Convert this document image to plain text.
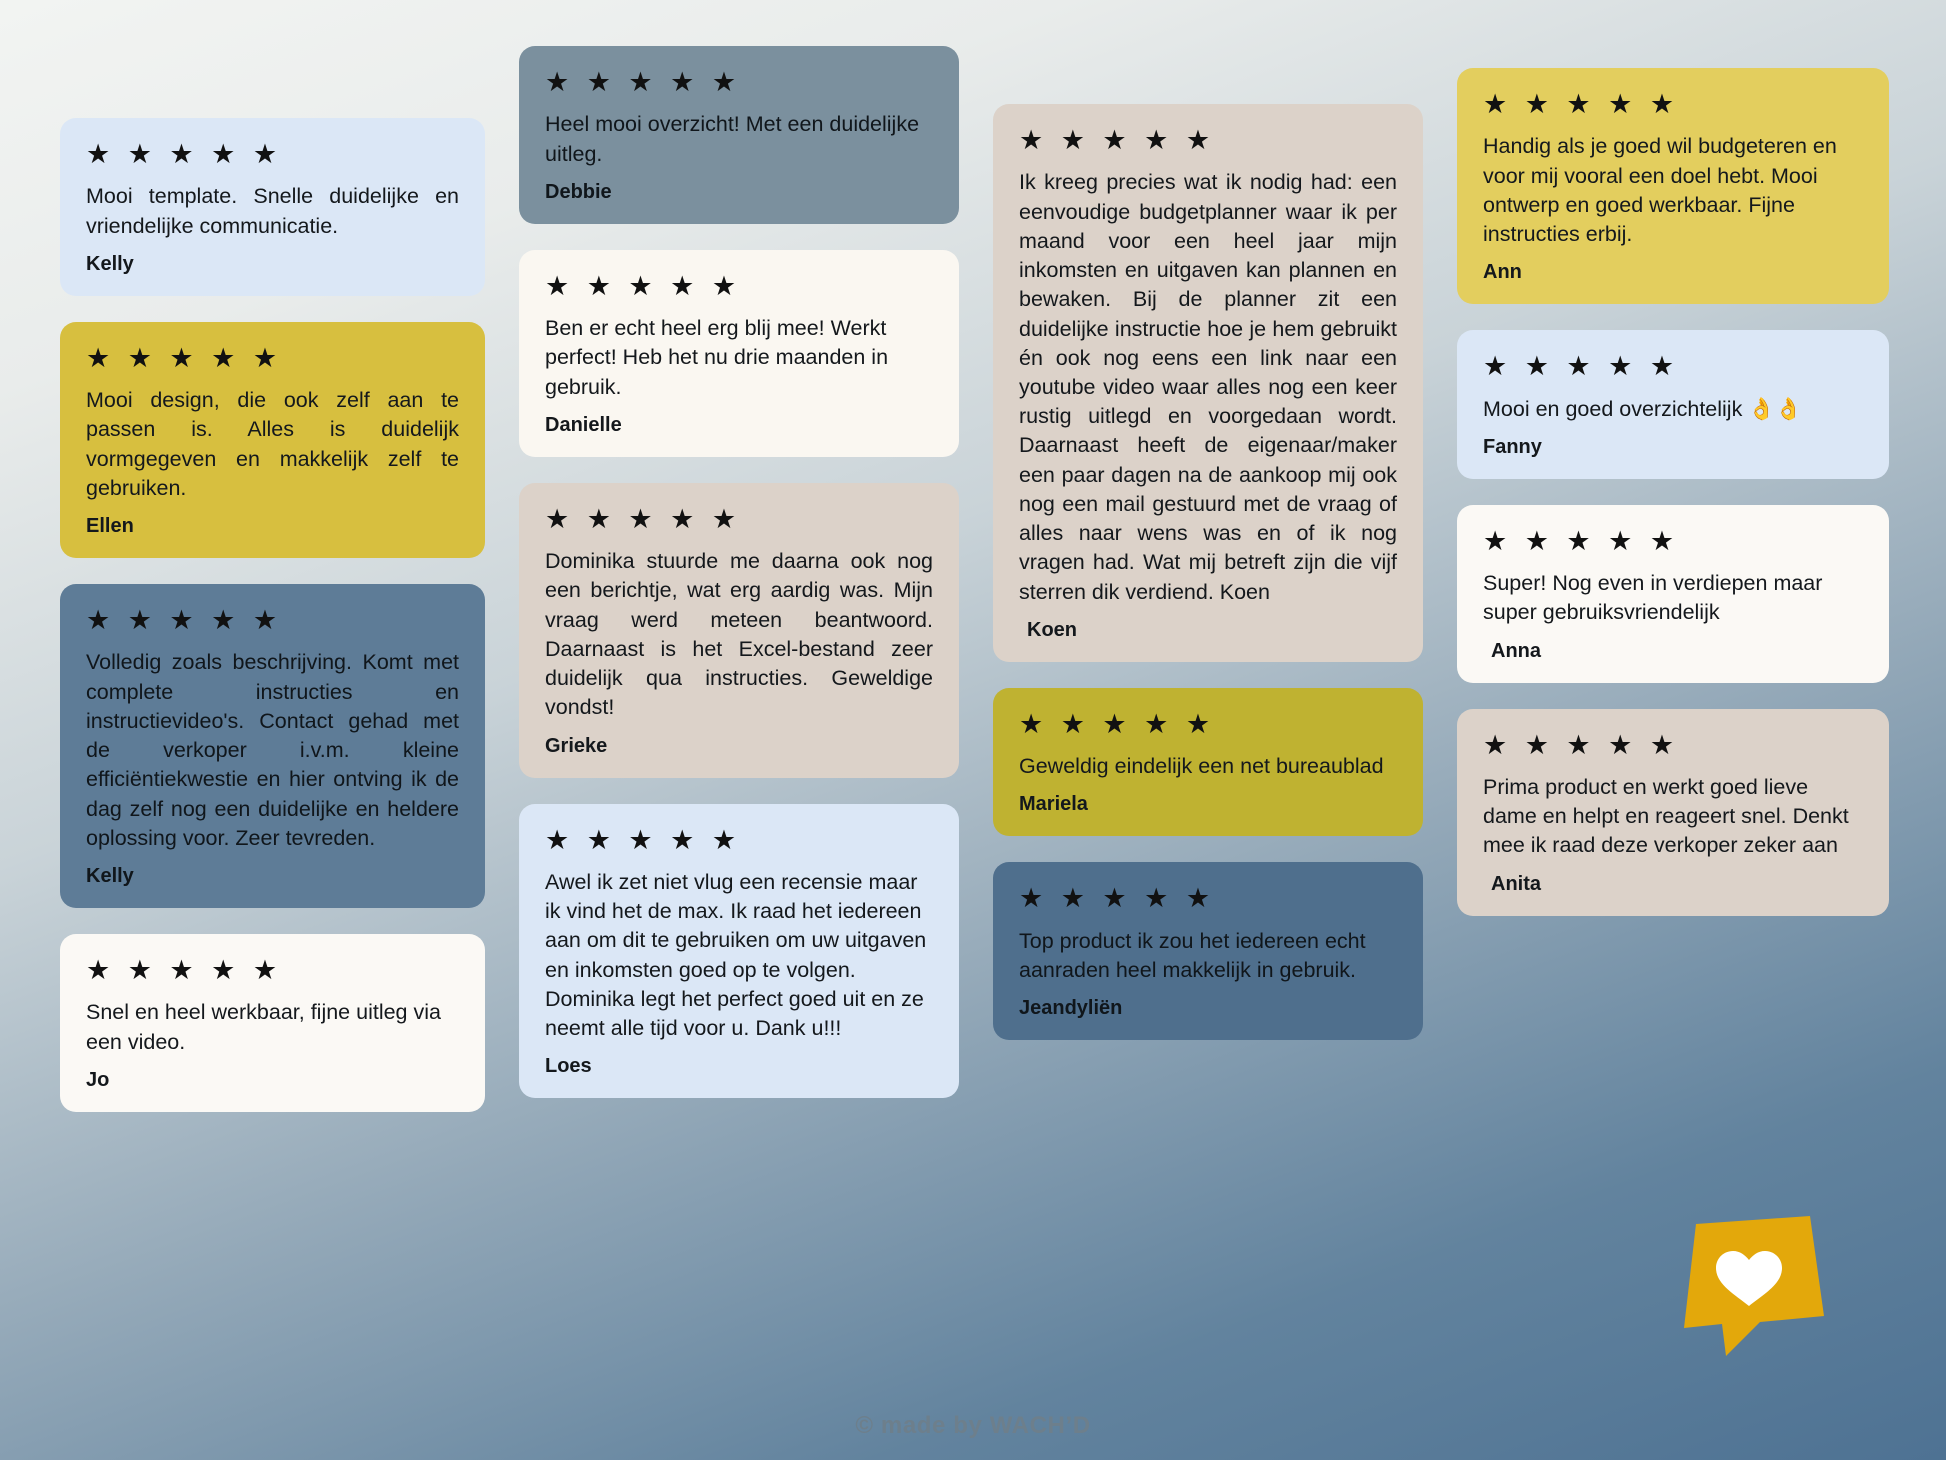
★ ★ ★ ★ ★

Mooi template. Snelle duidelijke en vriendelijke communicatie.

Kelly

★ ★ ★ ★ ★

Mooi design, die ook zelf aan te passen is. Alles is duidelijk vormgegeven en makkelijk zelf te gebruiken.

Ellen

★ ★ ★ ★ ★

Volledig zoals beschrijving. Komt met complete instructies en instructievideo's. Contact gehad met de verkoper i.v.m. kleine efficiëntiekwestie en hier ontving ik de dag zelf nog een duidelijke en heldere oplossing voor. Zeer tevreden.

Kelly

★ ★ ★ ★ ★

Snel en heel werkbaar, fijne uitleg via een video.

Jo

★ ★ ★ ★ ★

Heel mooi overzicht! Met een duidelijke uitleg.

Debbie

★ ★ ★ ★ ★

Ben er echt heel erg blij mee! Werkt perfect! Heb het nu drie maanden in gebruik.

Danielle

★ ★ ★ ★ ★

Dominika stuurde me daarna ook nog een berichtje, wat erg aardig was. Mijn vraag werd meteen beantwoord. Daarnaast is het Excel-bestand zeer duidelijk qua instructies. Geweldige vondst!

Grieke

★ ★ ★ ★ ★

Awel ik zet niet vlug een recensie maar ik vind het de max. Ik raad het iedereen aan om dit te gebruiken om uw uitgaven en inkomsten goed op te volgen. Dominika legt het perfect goed uit en ze neemt alle tijd voor u. Dank u!!!

Loes

★ ★ ★ ★ ★

Ik kreeg precies wat ik nodig had: een eenvoudige budgetplanner waar ik per maand voor een heel jaar mijn inkomsten en uitgaven kan plannen en bewaken. Bij de planner zit een duidelijke instructie hoe je hem gebruikt én ook nog eens een link naar een youtube video waar alles nog een keer rustig uitlegd en voorgedaan wordt. Daarnaast heeft de eigenaar/maker een paar dagen na de aankoop mij ook nog een mail gestuurd met de vraag of alles naar wens was en of ik nog vragen had. Wat mij betreft zijn die vijf sterren dik verdiend. Koen

Koen

★ ★ ★ ★ ★

Geweldig eindelijk een net bureaublad

Mariela

★ ★ ★ ★ ★

Top product ik zou het iedereen echt aanraden heel makkelijk in gebruik.

Jeandyliën

★ ★ ★ ★ ★

Handig als je goed wil budgeteren en voor mij vooral een doel hebt. Mooi ontwerp en goed werkbaar. Fijne instructies erbij.

Ann

★ ★ ★ ★ ★

Mooi en goed overzichtelijk 👌👌

Fanny

★ ★ ★ ★ ★

Super! Nog even in verdiepen maar super gebruiksvriendelijk

Anna

★ ★ ★ ★ ★

Prima product en werkt goed lieve dame en helpt en reageert snel. Denkt mee ik raad deze verkoper zeker aan

Anita

© made by WACH’D
